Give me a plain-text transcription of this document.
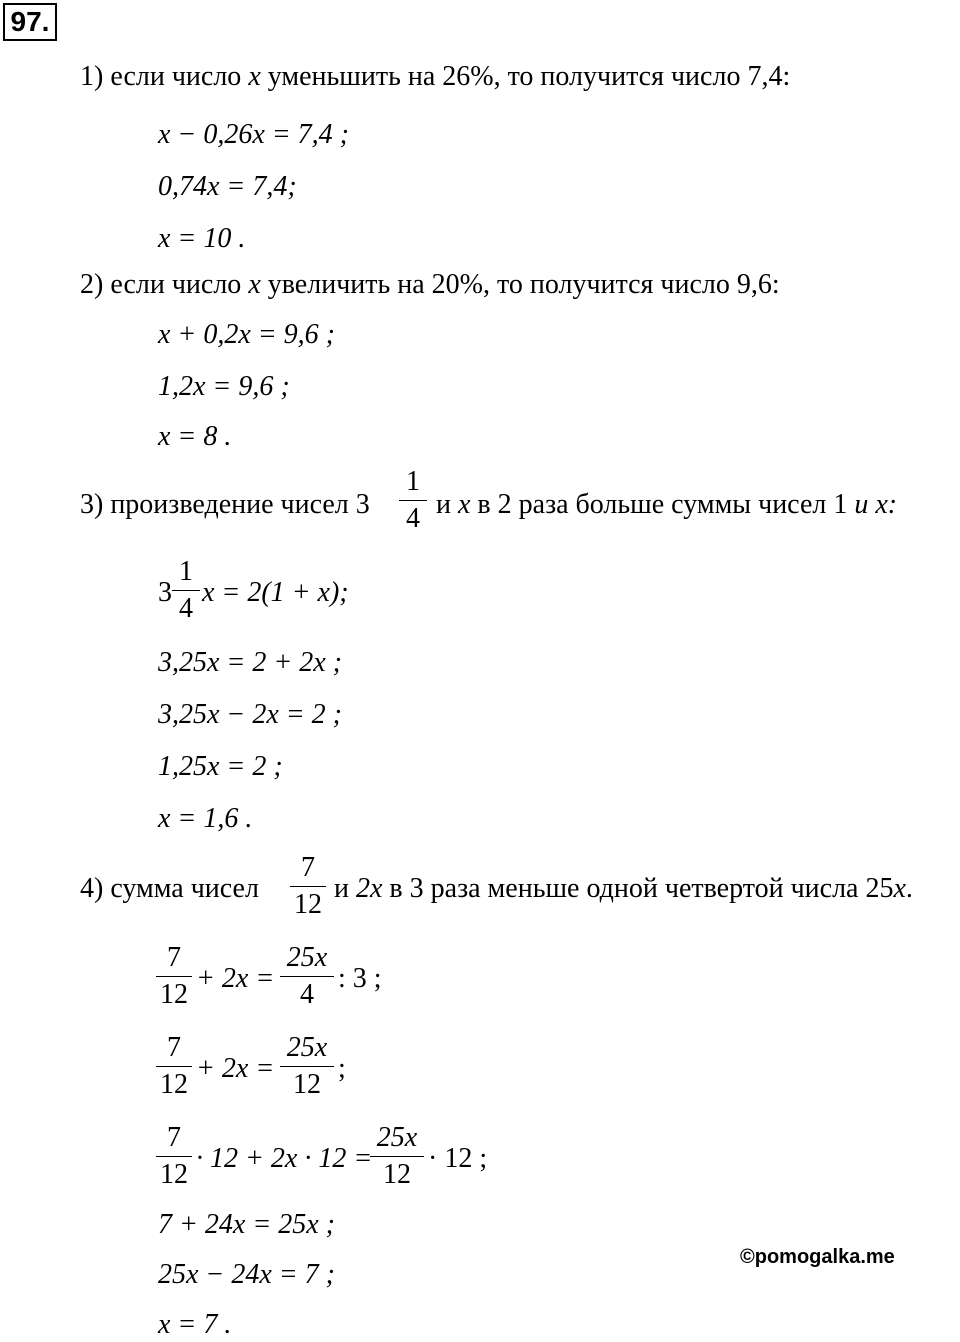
97.
1) если число x уменьшить на 26%, то получится число 7,4:
x − 0,26x = 7,4 ;
0,74x = 7,4;
x = 10 .
2) если число x увеличить на 20%, то получится число 9,6:
x + 0,2x = 9,6 ;
1,2x = 9,6 ;
x = 8 .
3) произведение чисел 3
1
4 и x в 2 раза больше суммы чисел 1 и x:
3
1
4
x = 2(1 + x);
3,25x = 2 + 2x ;
3,25x − 2x = 2 ;
1,25x = 2 ;
x = 1,6 .
4) сумма чисел
7
12
и 2x в 3 раза меньше одной четвертой числа 25x.
7
12
+ 2x =
25x
4
: 3 ;
7
12
+ 2x =
25x
12
;
7
12
· 12 + 2x · 12 =
25x
12
· 12 ;
7 + 24x = 25x ;
25x − 24x = 7 ;
x = 7 .
©pomogalka.me
